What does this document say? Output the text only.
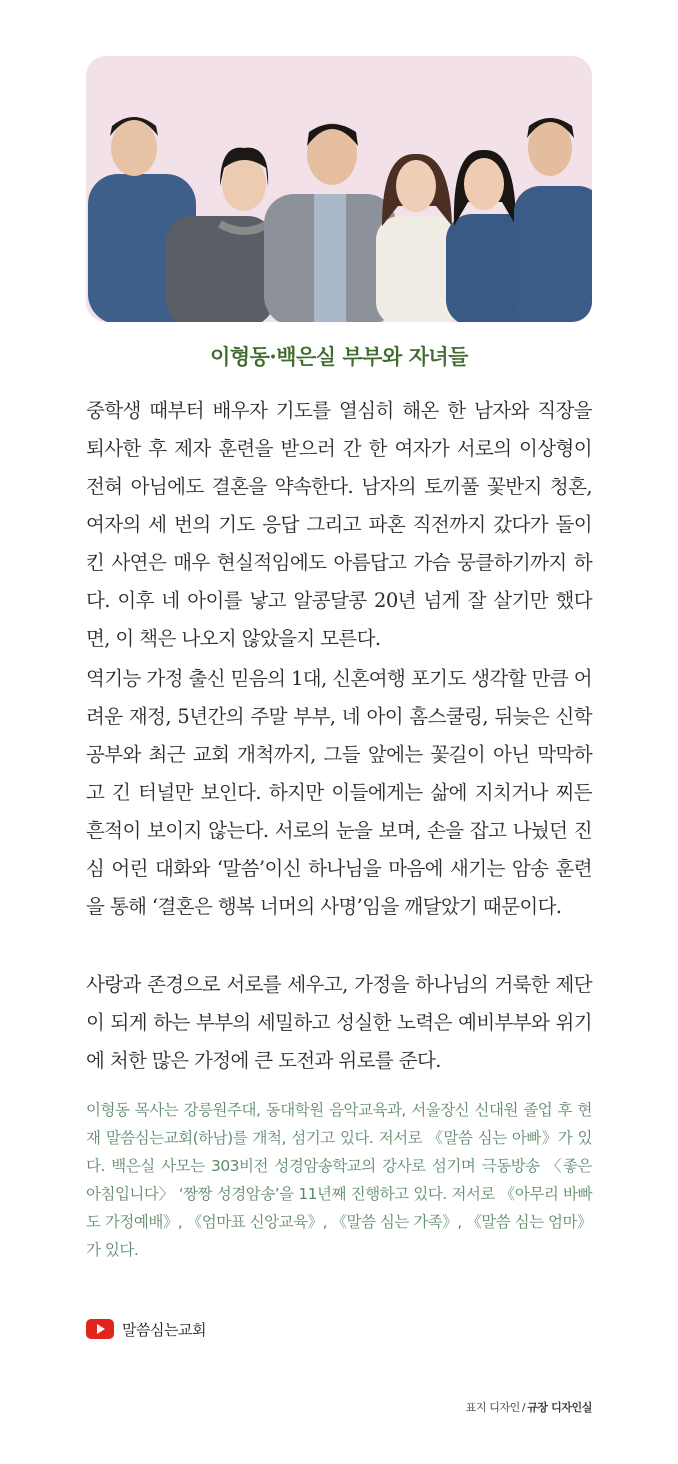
이형동·백은실 부부와 자녀들
중학생 때부터 배우자 기도를 열심히 해온 한 남자와 직장을 퇴사한 후 제자 훈련을 받으러 간 한 여자가 서로의 이상형이 전혀 아님에도 결혼을 약속한다. 남자의 토끼풀 꽃반지 청혼, 여자의 세 번의 기도 응답 그리고 파혼 직전까지 갔다가 돌이킨 사연은 매우 현실적임에도 아름답고 가슴 뭉클하기까지 하다. 이후 네 아이를 낳고 알콩달콩 20년 넘게 잘 살기만 했다면, 이 책은 나오지 않았을지 모른다.
역기능 가정 출신 믿음의 1대, 신혼여행 포기도 생각할 만큼 어려운 재정, 5년간의 주말 부부, 네 아이 홈스쿨링, 뒤늦은 신학 공부와 최근 교회 개척까지, 그들 앞에는 꽃길이 아닌 막막하고 긴 터널만 보인다. 하지만 이들에게는 삶에 지치거나 찌든 흔적이 보이지 않는다. 서로의 눈을 보며, 손을 잡고 나눴던 진심 어린 대화와 ‘말씀’이신 하나님을 마음에 새기는 암송 훈련을 통해 ‘결혼은 행복 너머의 사명’임을 깨달았기 때문이다.
사랑과 존경으로 서로를 세우고, 가정을 하나님의 거룩한 제단이 되게 하는 부부의 세밀하고 성실한 노력은 예비부부와 위기에 처한 많은 가정에 큰 도전과 위로를 준다.
이형동 목사는 강릉원주대, 동대학원 음악교육과, 서울장신 신대원 졸업 후 현재 말씀심는교회(하남)를 개척, 섬기고 있다. 저서로 《말씀 심는 아빠》가 있다. 백은실 사모는 303비전 성경암송학교의 강사로 섬기며 극동방송 〈좋은 아침입니다〉 ‘짱짱 성경암송’을 11년째 진행하고 있다. 저서로 《아무리 바빠도 가정예배》, 《엄마표 신앙교육》, 《말씀 심는 가족》, 《말씀 심는 엄마》가 있다.
말씀심는교회
표지 디자인 / 규장 디자인실
